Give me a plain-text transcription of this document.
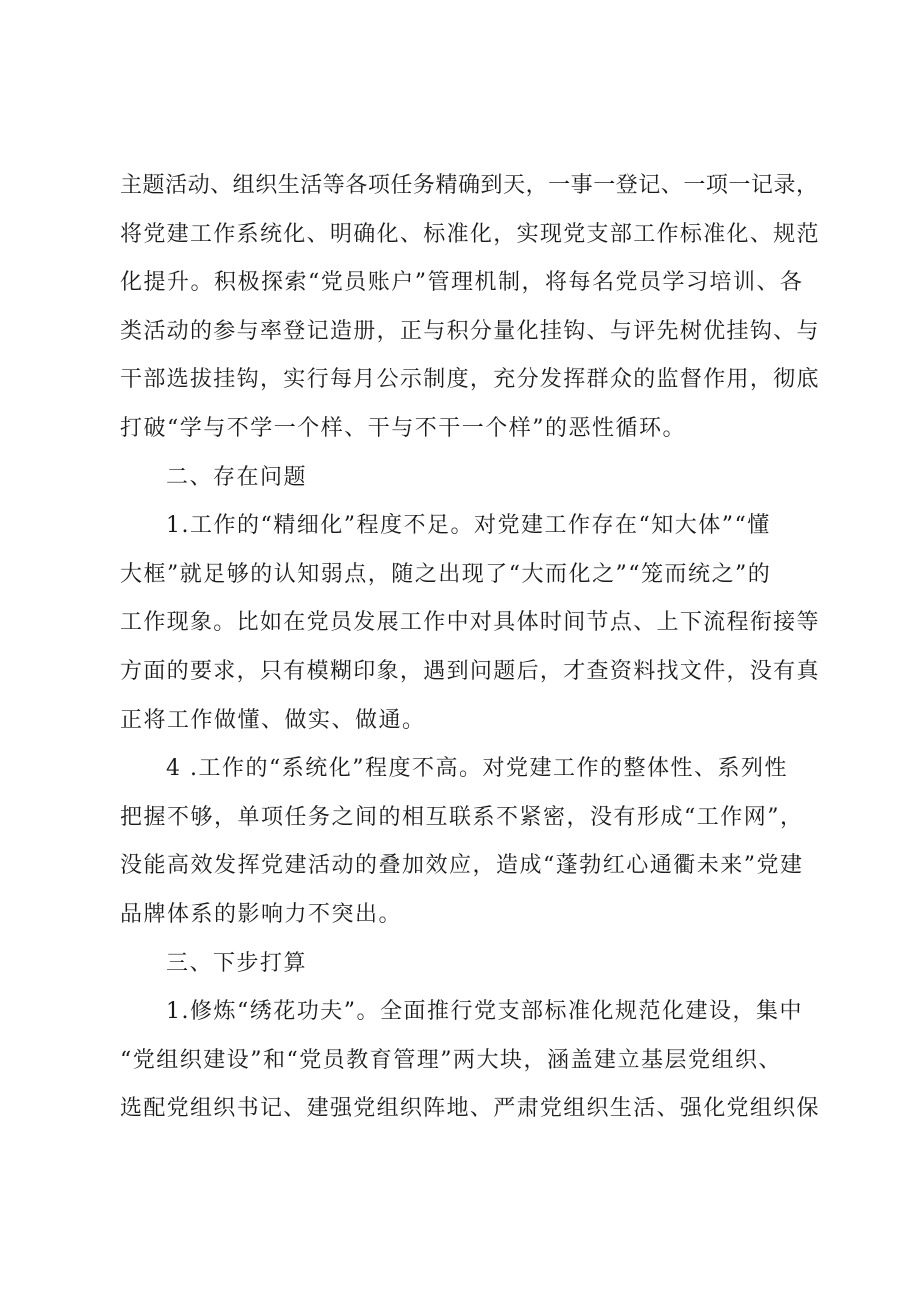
主题活动、组织生活等各项任务精确到天，一事一登记、一项一记录，
将党建工作系统化、明确化、标准化，实现党支部工作标准化、规范
化提升。积极探索“党员账户”管理机制，将每名党员学习培训、各
类活动的参与率登记造册，正与积分量化挂钩、与评先树优挂钩、与
干部选拔挂钩，实行每月公示制度，充分发挥群众的监督作用，彻底
打破“学与不学一个样、干与不干一个样”的恶性循环。
二、存在问题
1.工作的“精细化”程度不足。对党建工作存在“知大体”“懂
大框”就足够的认知弱点，随之出现了“大而化之”“笼而统之”的
工作现象。比如在党员发展工作中对具体时间节点、上下流程衔接等
方面的要求，只有模糊印象，遇到问题后，才查资料找文件，没有真
正将工作做懂、做实、做通。
4 .工作的“系统化”程度不高。对党建工作的整体性、系列性
把握不够，单项任务之间的相互联系不紧密，没有形成“工作网”，
没能高效发挥党建活动的叠加效应，造成“蓬勃红心通衢未来”党建
品牌体系的影响力不突出。
三、下步打算
1.修炼“绣花功夫”。全面推行党支部标准化规范化建设，集中
“党组织建设”和“党员教育管理”两大块，涵盖建立基层党组织、
选配党组织书记、建强党组织阵地、严肃党组织生活、强化党组织保
